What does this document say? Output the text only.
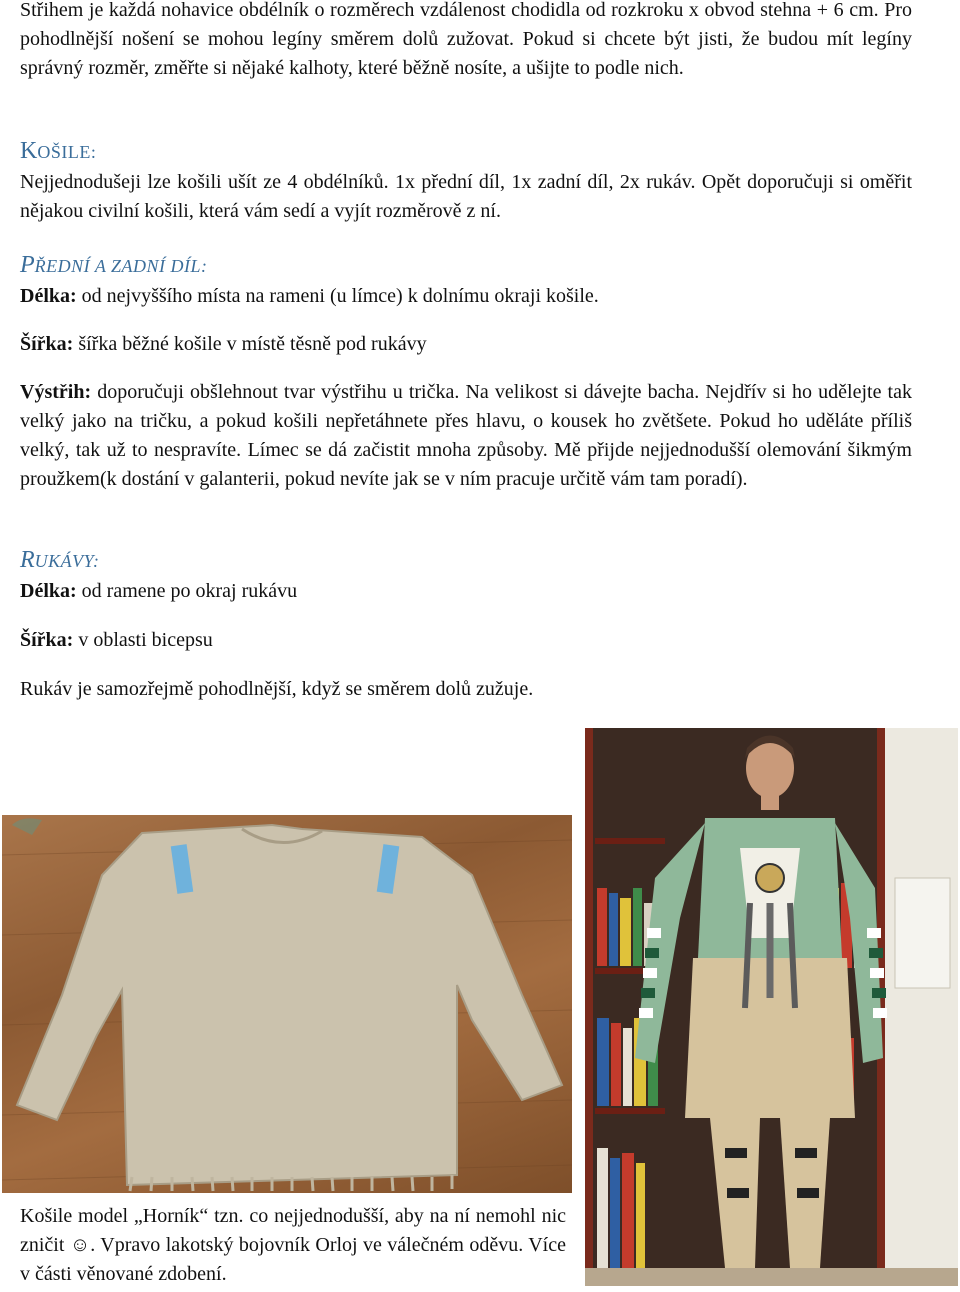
Střihem je každá nohavice obdélník o rozměrech vzdálenost chodidla od rozkroku x obvod stehna + 6 cm. Pro pohodlnější nošení se mohou legíny směrem dolů zužovat. Pokud si chcete být jisti, že budou mít legíny správný rozměr, změřte si nějaké kalhoty, které běžně nosíte, a ušijte to podle nich.

KOŠILE:

Nejjednodušeji lze košili ušít ze 4 obdélníků. 1x přední díl, 1x zadní díl, 2x rukáv. Opět doporučuji si oměřit nějakou civilní košili, která vám sedí a vyjít rozměrově z ní.

PŘEDNÍ A ZADNÍ DÍL:

Délka: od nejvyššího místa na rameni (u límce) k dolnímu okraji košile.

Šířka: šířka běžné košile v místě těsně pod rukávy

Výstřih: doporučuji obšlehnout tvar výstřihu u trička. Na velikost si dávejte bacha. Nejdřív si ho udělejte tak velký jako na tričku, a pokud košili nepřetáhnete přes hlavu, o kousek ho zvětšete. Pokud ho uděláte příliš velký, tak už to nespravíte. Límec se dá začistit mnoha způsoby. Mě přijde nejjednodušší olemování šikmým proužkem(k dostání v galanterii, pokud nevíte jak se v ním pracuje určitě vám tam poradí).

RUKÁVY:

Délka: od ramene po okraj rukávu

Šířka: v oblasti bicepsu

Rukáv je samozřejmě pohodlnější, když se směrem dolů zužuje.

Košile model „Horník“ tzn. co nejjednodušší, aby na ní nemohl nic zničit ☺. Vpravo lakotský bojovník Orloj ve válečném oděvu. Více v části věnované zdobení.
